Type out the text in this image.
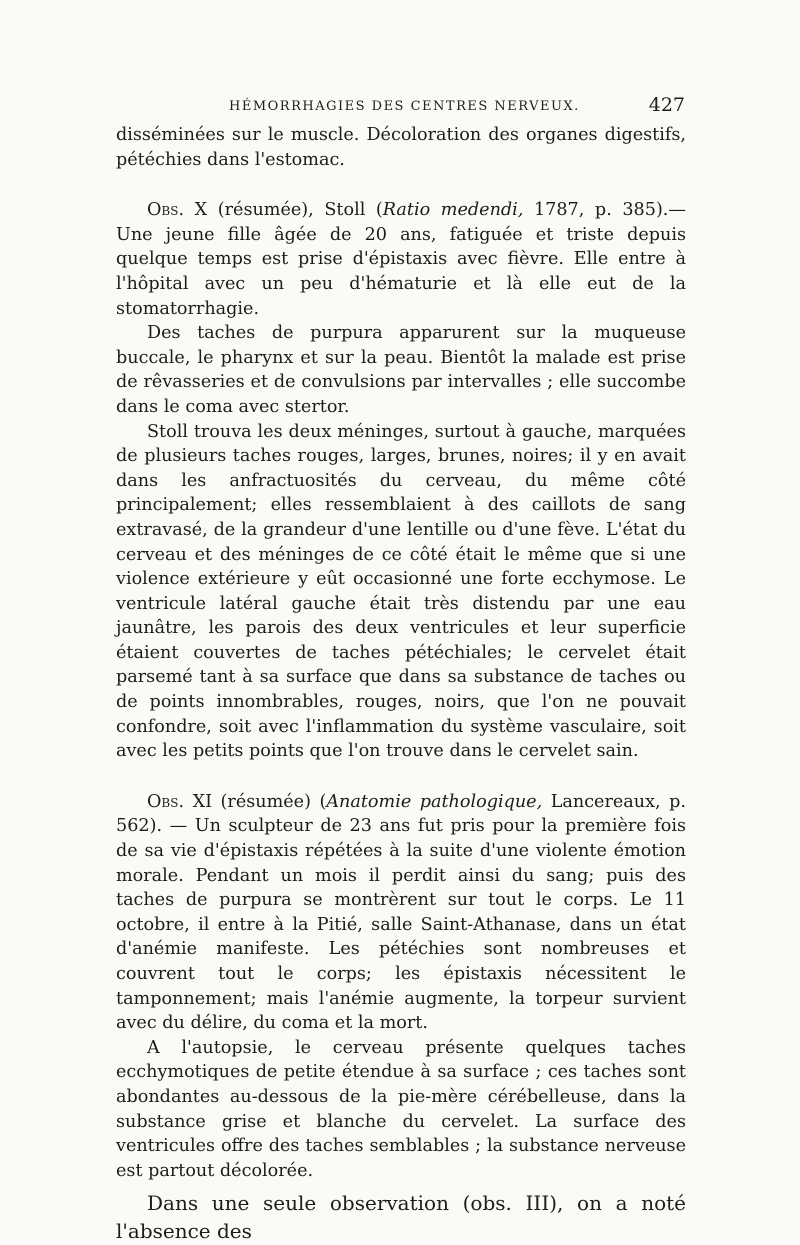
HÉMORRHAGIES DES CENTRES NERVEUX.	427

disséminées sur le muscle. Décoloration des organes digestifs, pétéchies dans l'estomac.

Obs. X (résumée), Stoll (Ratio medendi, 1787, p. 385).— Une jeune fille âgée de 20 ans, fatiguée et triste depuis quelque temps est prise d'épistaxis avec fièvre. Elle entre à l'hôpital avec un peu d'hématurie et là elle eut de la stomatorrhagie.

Des taches de purpura apparurent sur la muqueuse buccale, le pharynx et sur la peau. Bientôt la malade est prise de rêvasseries et de convulsions par intervalles ; elle succombe dans le coma avec stertor.

Stoll trouva les deux méninges, surtout à gauche, marquées de plusieurs taches rouges, larges, brunes, noires; il y en avait dans les anfractuosités du cerveau, du même côté principalement; elles ressemblaient à des caillots de sang extravasé, de la grandeur d'une lentille ou d'une fève. L'état du cerveau et des méninges de ce côté était le même que si une violence extérieure y eût occasionné une forte ecchymose. Le ventricule latéral gauche était très distendu par une eau jaunâtre, les parois des deux ventricules et leur superficie étaient couvertes de taches pétéchiales; le cervelet était parsemé tant à sa surface que dans sa substance de taches ou de points innombrables, rouges, noirs, que l'on ne pouvait confondre, soit avec l'inflammation du système vasculaire, soit avec les petits points que l'on trouve dans le cervelet sain.

Obs. XI (résumée) (Anatomie pathologique, Lancereaux, p. 562). — Un sculpteur de 23 ans fut pris pour la première fois de sa vie d'épistaxis répétées à la suite d'une violente émotion morale. Pendant un mois il perdit ainsi du sang; puis des taches de purpura se montrèrent sur tout le corps. Le 11 octobre, il entre à la Pitié, salle Saint-Athanase, dans un état d'anémie manifeste. Les pétéchies sont nombreuses et couvrent tout le corps; les épistaxis nécessitent le tamponnement; mais l'anémie augmente, la torpeur survient avec du délire, du coma et la mort.

A l'autopsie, le cerveau présente quelques taches ecchymotiques de petite étendue à sa surface ; ces taches sont abondantes au-dessous de la pie-mère cérébelleuse, dans la substance grise et blanche du cervelet. La surface des ventricules offre des taches semblables ; la substance nerveuse est partout décolorée.

Dans une seule observation (obs. III), on a noté l'absence des
